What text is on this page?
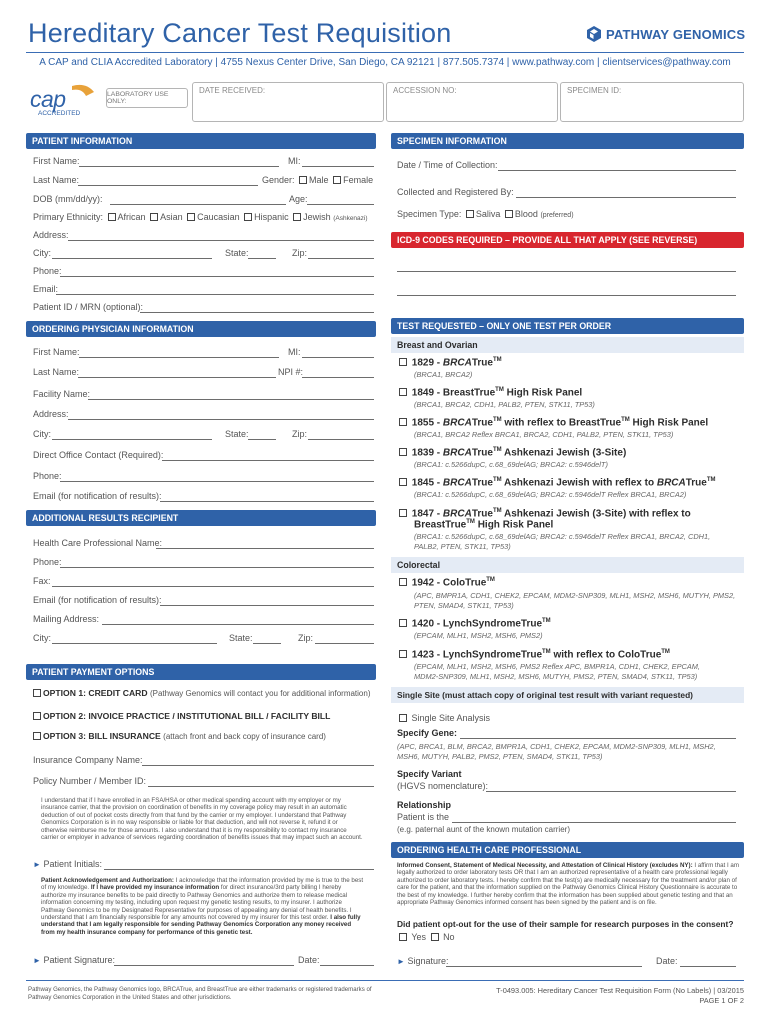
Hereditary Cancer Test Requisition	PATHWAY GENOMICS
A CAP and CLIA Accredited Laboratory | 4755 Nexus Center Drive, San Diego, CA 92121 | 877.505.7374 | www.pathway.com | clientservices@pathway.com
cap
ACCREDITED
LABORATORY USE ONLY:
DATE RECEIVED:	ACCESSION NO:	SPECIMEN ID:
PATIENT INFORMATION
First Name:	MI:
Last Name:	Gender: Male Female
DOB (mm/dd/yy):	Age:
Primary Ethnicity: African Asian Caucasian Hispanic Jewish (Ashkenazi)
Address:
City:	State:	Zip:
Phone:
Email:
Patient ID / MRN (optional):
SPECIMEN INFORMATION
Date / Time of Collection:
Collected and Registered By:
Specimen Type: Saliva Blood (preferred)
ICD-9 CODES REQUIRED – PROVIDE ALL THAT APPLY (SEE REVERSE)
ORDERING PHYSICIAN INFORMATION
First Name:	MI:
Last Name:	NPI #:
Facility Name:
Address:
City:	State:	Zip:
Direct Office Contact (Required):
Phone:
Email (for notification of results):
ADDITIONAL RESULTS RECIPIENT
Health Care Professional Name:
Phone:
Fax:
Email (for notification of results):
Mailing Address:
City:	State:	Zip:
PATIENT PAYMENT OPTIONS
OPTION 1: CREDIT CARD (Pathway Genomics will contact you for additional information)
OPTION 2: INVOICE PRACTICE / INSTITUTIONAL BILL / FACILITY BILL
OPTION 3: BILL INSURANCE (attach front and back copy of insurance card)
Insurance Company Name:
Policy Number / Member ID:
I understand that if I have enrolled in an FSA/HSA or other medical spending account with my employer or my insurance carrier, that the provision on coordination of benefits in my coverage policy may result in an automatic deduction of out of pocket costs directly from that fund by the carrier or my employer. I understand that Pathway Genomics Corporation is in no way responsible or liable for that deduction, and will not reverse it, refund it or otherwise reimburse me for those amounts. I also understand that it is my responsibility to contact my insurance carrier or employer in advance of services regarding coordination of benefits issues that may impact such an account.
► Patient Initials:
Patient Acknowledgement and Authorization: I acknowledge that the information provided by me is true to the best of my knowledge. If I have provided my insurance information for direct insurance/3rd party billing I hereby authorize my insurance benefits to be paid directly to Pathway Genomics and authorize them to release medical information concerning my testing, including upon request my genetic testing results, to my insurer. I authorize Pathway Genomics to be my Designated Representative for purposes of appealing any denial of health benefits. I understand that I am financially responsible for any amounts not covered by my insurer for this test order. I also fully understand that I am legally responsible for sending Pathway Genomics Corporation any money received from my health insurance company for performance of this genetic test.
► Patient Signature:	Date:
TEST REQUESTED – ONLY ONE TEST PER ORDER
Breast and Ovarian
1829 - BRCATrue™
(BRCA1, BRCA2)
1849 - BreastTrue™ High Risk Panel
(BRCA1, BRCA2, CDH1, PALB2, PTEN, STK11, TP53)
1855 - BRCATrue™ with reflex to BreastTrue™ High Risk Panel
(BRCA1, BRCA2 Reflex BRCA1, BRCA2, CDH1, PALB2, PTEN, STK11, TP53)
1839 - BRCATrue™ Ashkenazi Jewish (3-Site)
(BRCA1: c.5266dupC, c.68_69delAG; BRCA2: c.5946delT)
1845 - BRCATrue™ Ashkenazi Jewish with reflex to BRCATrue™
(BRCA1: c.5266dupC, c.68_69delAG; BRCA2: c.5946delT Reflex BRCA1, BRCA2)
1847 - BRCATrue™ Ashkenazi Jewish (3-Site) with reflex to
BreastTrue™ High Risk Panel
(BRCA1: c.5266dupC, c.68_69delAG; BRCA2: c.5946delT Reflex BRCA1, BRCA2, CDH1,
PALB2, PTEN, STK11, TP53)
Colorectal
1942 - ColoTrue™
(APC, BMPR1A, CDH1, CHEK2, EPCAM, MDM2-SNP309, MLH1, MSH2, MSH6, MUTYH, PMS2,
PTEN, SMAD4, STK11, TP53)
1420 - LynchSyndromeTrue™
(EPCAM, MLH1, MSH2, MSH6, PMS2)
1423 - LynchSyndromeTrue™ with reflex to ColoTrue™
(EPCAM, MLH1, MSH2, MSH6, PMS2 Reflex APC, BMPR1A, CDH1, CHEK2, EPCAM,
MDM2-SNP309, MLH1, MSH2, MSH6, MUTYH, PMS2, PTEN, SMAD4, STK11, TP53)
Single Site (must attach copy of original test result with variant requested)
Single Site Analysis
Specify Gene:
(APC, BRCA1, BLM, BRCA2, BMPR1A, CDH1, CHEK2, EPCAM, MDM2-SNP309, MLH1, MSH2, MSH6, MUTYH, PALB2, PMS2, PTEN, SMAD4, STK11, TP53)
Specify Variant
(HGVS nomenclature):
Relationship
Patient is the
(e.g. paternal aunt of the known mutation carrier)
ORDERING HEALTH CARE PROFESSIONAL
Informed Consent, Statement of Medical Necessity, and Attestation of Clinical History (excludes NY): I affirm that I am legally authorized to order laboratory tests OR that I am an authorized representative of a health care professional legally authorized to order laboratory tests. I hereby confirm that the test(s) are medically necessary for the treatment and/or plan of care for the patient, and that the information supplied on the Pathway Genomics Clinical History Questionnaire is accurate to the best of my knowledge. I further hereby confirm that the information has been supplied about genetic testing and that an appropriate Pathway Genomics informed consent has been signed by the patient and is on file.
Did patient opt-out for the use of their sample for research purposes in the consent?
Yes No
► Signature:	Date:
Pathway Genomics, the Pathway Genomics logo, BRCATrue, and BreastTrue are either trademarks or registered trademarks of Pathway Genomics Corporation in the United States and other jurisdictions.
T-0493.005: Hereditary Cancer Test Requisition Form (No Labels) | 03/2015
PAGE 1 OF 2
